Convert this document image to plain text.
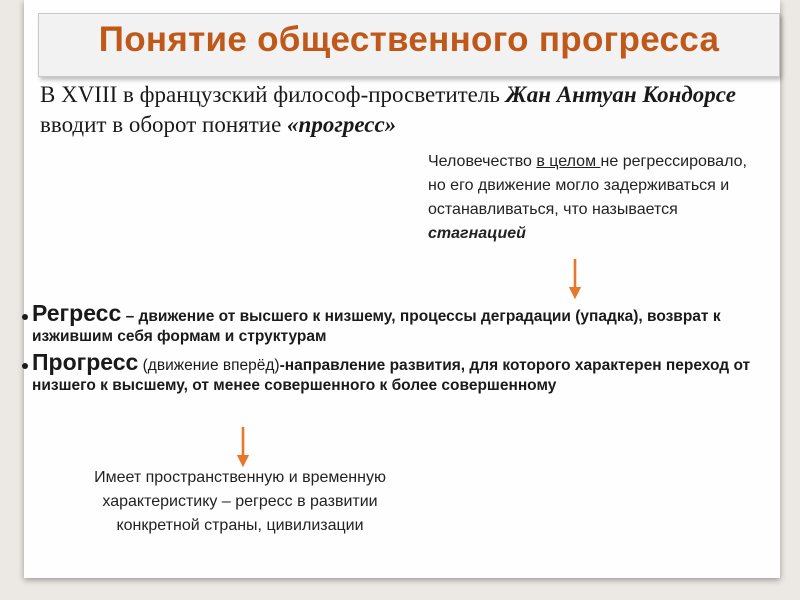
Понятие общественного прогресса
В XVIII в французский философ-просветитель Жан Антуан Кондорсе вводит в оборот понятие «прогресс»
Человечество в целом не регрессировало, но его движение могло задерживаться и останавливаться, что называется стагнацией
Регресс – движение от высшего к низшему, процессы деградации (упадка), возврат к изжившим себя формам и структурам
Прогресс (движение вперёд)-направление развития, для которого характерен переход от низшего к высшему, от менее совершенного к более совершенному
Имеет пространственную и временную характеристику – регресс в развитии конкретной страны, цивилизации
